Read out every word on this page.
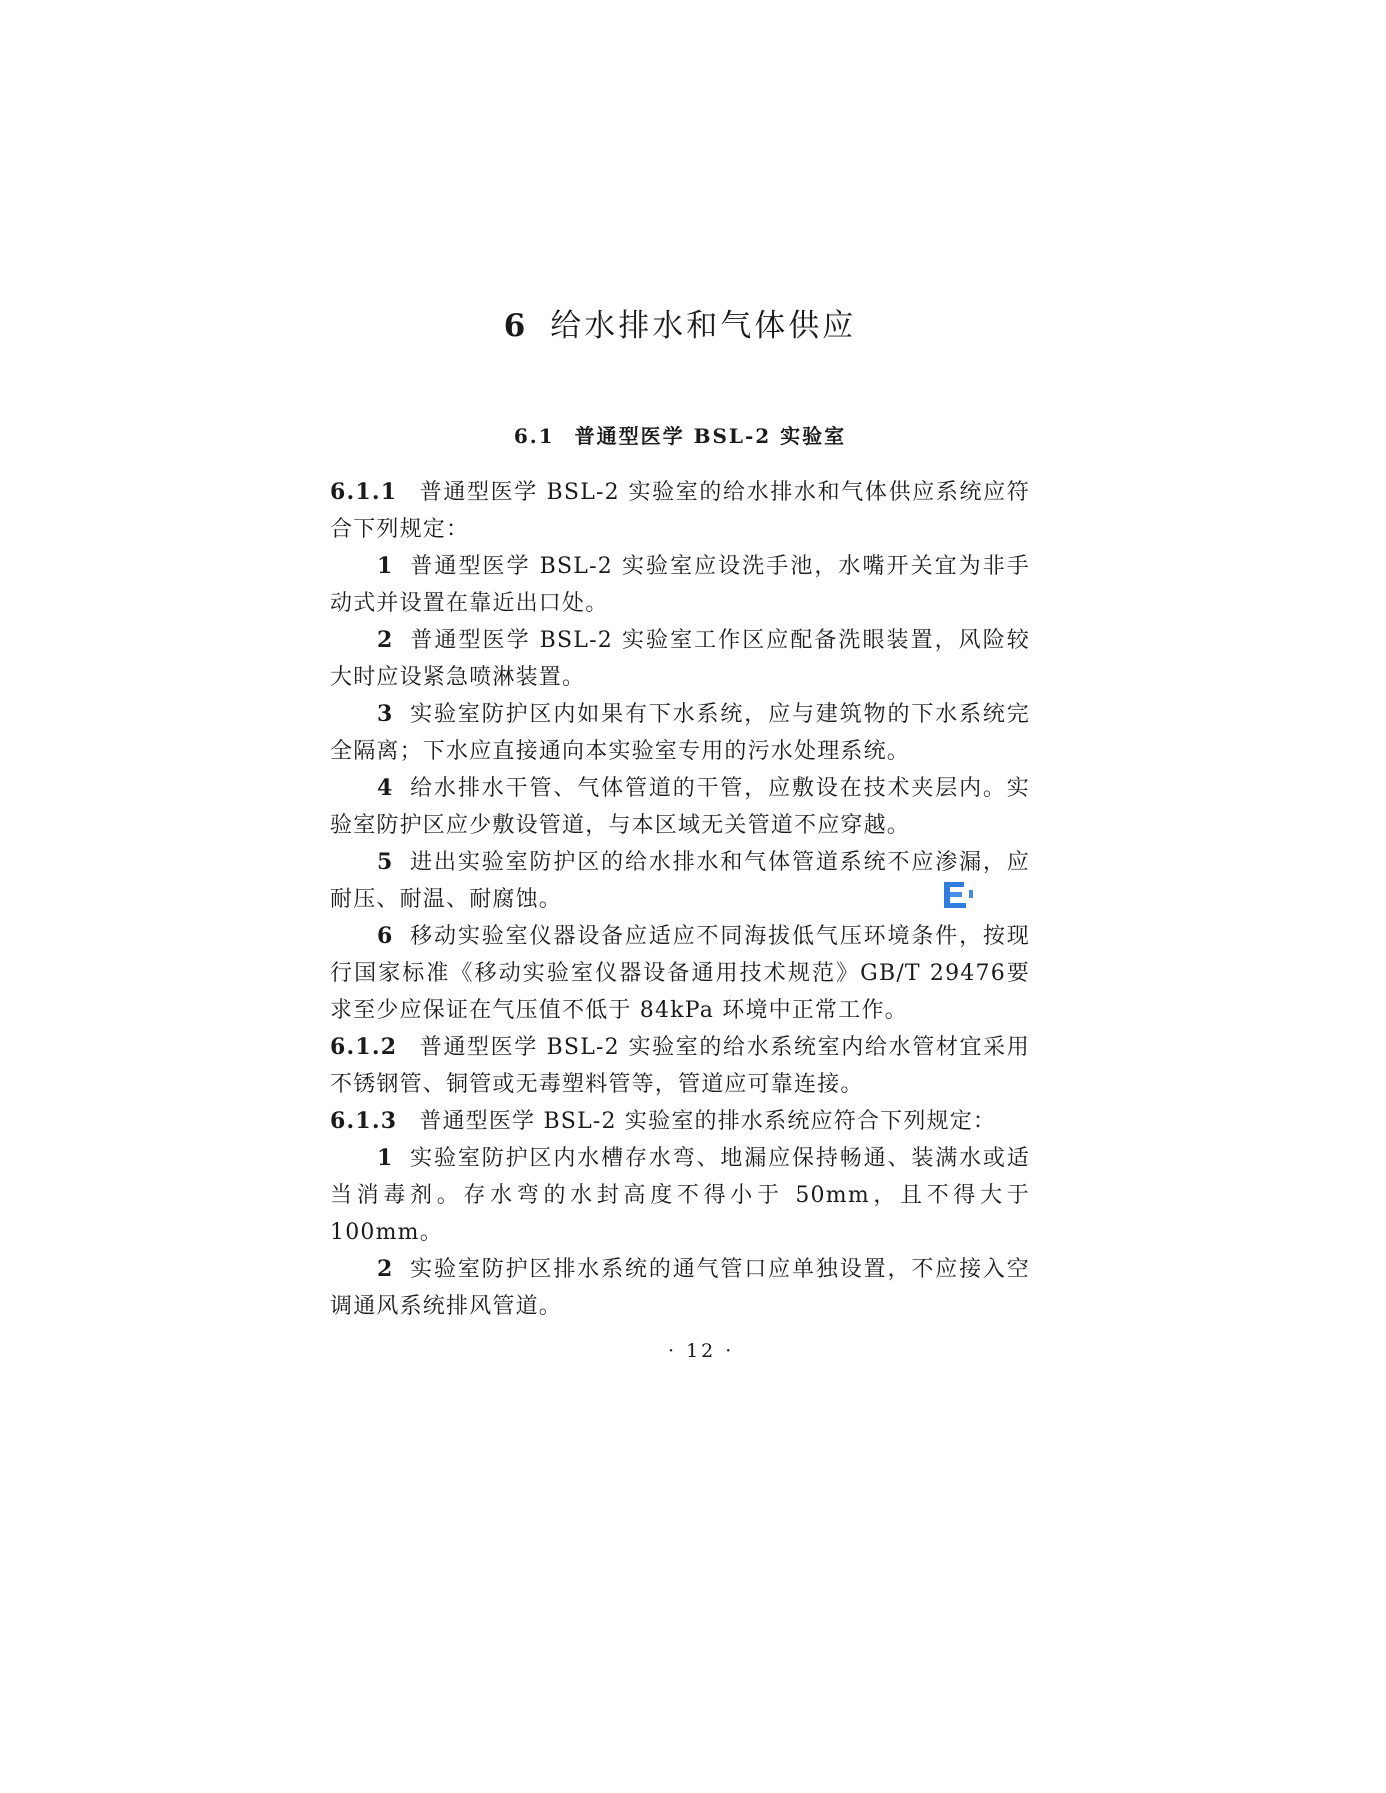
6 给水排水和气体供应
6.1 普通型医学 BSL-2 实验室

6.1.1 普通型医学 BSL-2 实验室的给水排水和气体供应系统应符合下列规定：

1 普通型医学 BSL-2 实验室应设洗手池，水嘴开关宜为非手动式并设置在靠近出口处。

2 普通型医学 BSL-2 实验室工作区应配备洗眼装置，风险较大时应设紧急喷淋装置。

3 实验室防护区内如果有下水系统，应与建筑物的下水系统完全隔离；下水应直接通向本实验室专用的污水处理系统。

4 给水排水干管、气体管道的干管，应敷设在技术夹层内。实验室防护区应少敷设管道，与本区域无关管道不应穿越。

5 进出实验室防护区的给水排水和气体管道系统不应渗漏，应耐压、耐温、耐腐蚀。

6 移动实验室仪器设备应适应不同海拔低气压环境条件，按现行国家标准《移动实验室仪器设备通用技术规范》GB/T 29476要求至少应保证在气压值不低于 84kPa 环境中正常工作。

6.1.2 普通型医学 BSL-2 实验室的给水系统室内给水管材宜采用不锈钢管、铜管或无毒塑料管等，管道应可靠连接。

6.1.3 普通型医学 BSL-2 实验室的排水系统应符合下列规定：

1 实验室防护区内水槽存水弯、地漏应保持畅通、装满水或适当消毒剂。存水弯的水封高度不得小于 50mm，且不得大于100mm。

2 实验室防护区排水系统的通气管口应单独设置，不应接入空调通风系统排风管道。

· 12 ·
